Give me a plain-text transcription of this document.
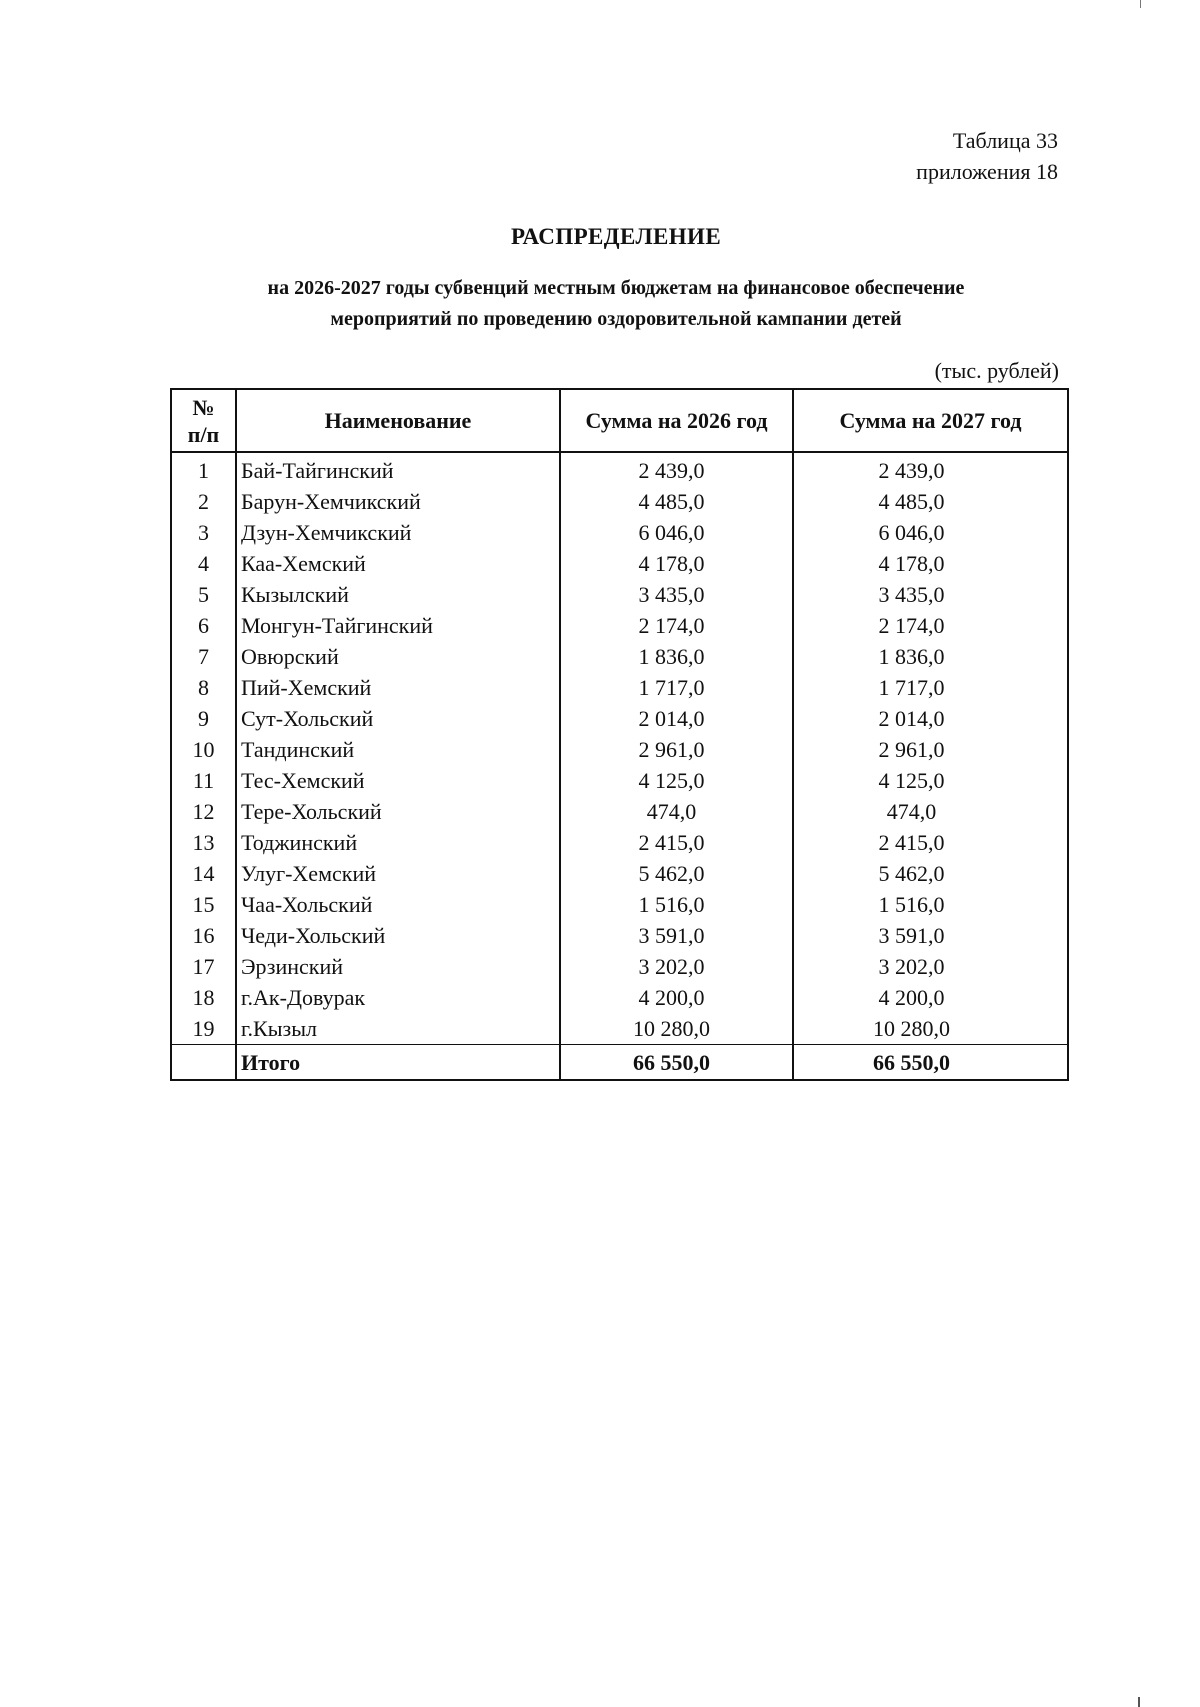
Таблица 33
приложения 18
РАСПРЕДЕЛЕНИЕ
на 2026-2027 годы субвенций местным бюджетам на финансовое обеспечение
мероприятий по проведению оздоровительной кампании детей
(тыс. рублей)
№
п/п	Наименование	Сумма на 2026 год	Сумма на 2027 год
1	Бай-Тайгинский	2 439,0	2 439,0
2	Барун-Хемчикский	4 485,0	4 485,0
3	Дзун-Хемчикский	6 046,0	6 046,0
4	Каа-Хемский	4 178,0	4 178,0
5	Кызылский	3 435,0	3 435,0
6	Монгун-Тайгинский	2 174,0	2 174,0
7	Овюрский	1 836,0	1 836,0
8	Пий-Хемский	1 717,0	1 717,0
9	Сут-Хольский	2 014,0	2 014,0
10	Тандинский	2 961,0	2 961,0
11	Тес-Хемский	4 125,0	4 125,0
12	Тере-Хольский	474,0	474,0
13	Тоджинский	2 415,0	2 415,0
14	Улуг-Хемский	5 462,0	5 462,0
15	Чаа-Хольский	1 516,0	1 516,0
16	Чеди-Хольский	3 591,0	3 591,0
17	Эрзинский	3 202,0	3 202,0
18	г.Ак-Довурак	4 200,0	4 200,0
19	г.Кызыл	10 280,0	10 280,0
	Итого	66 550,0	66 550,0
